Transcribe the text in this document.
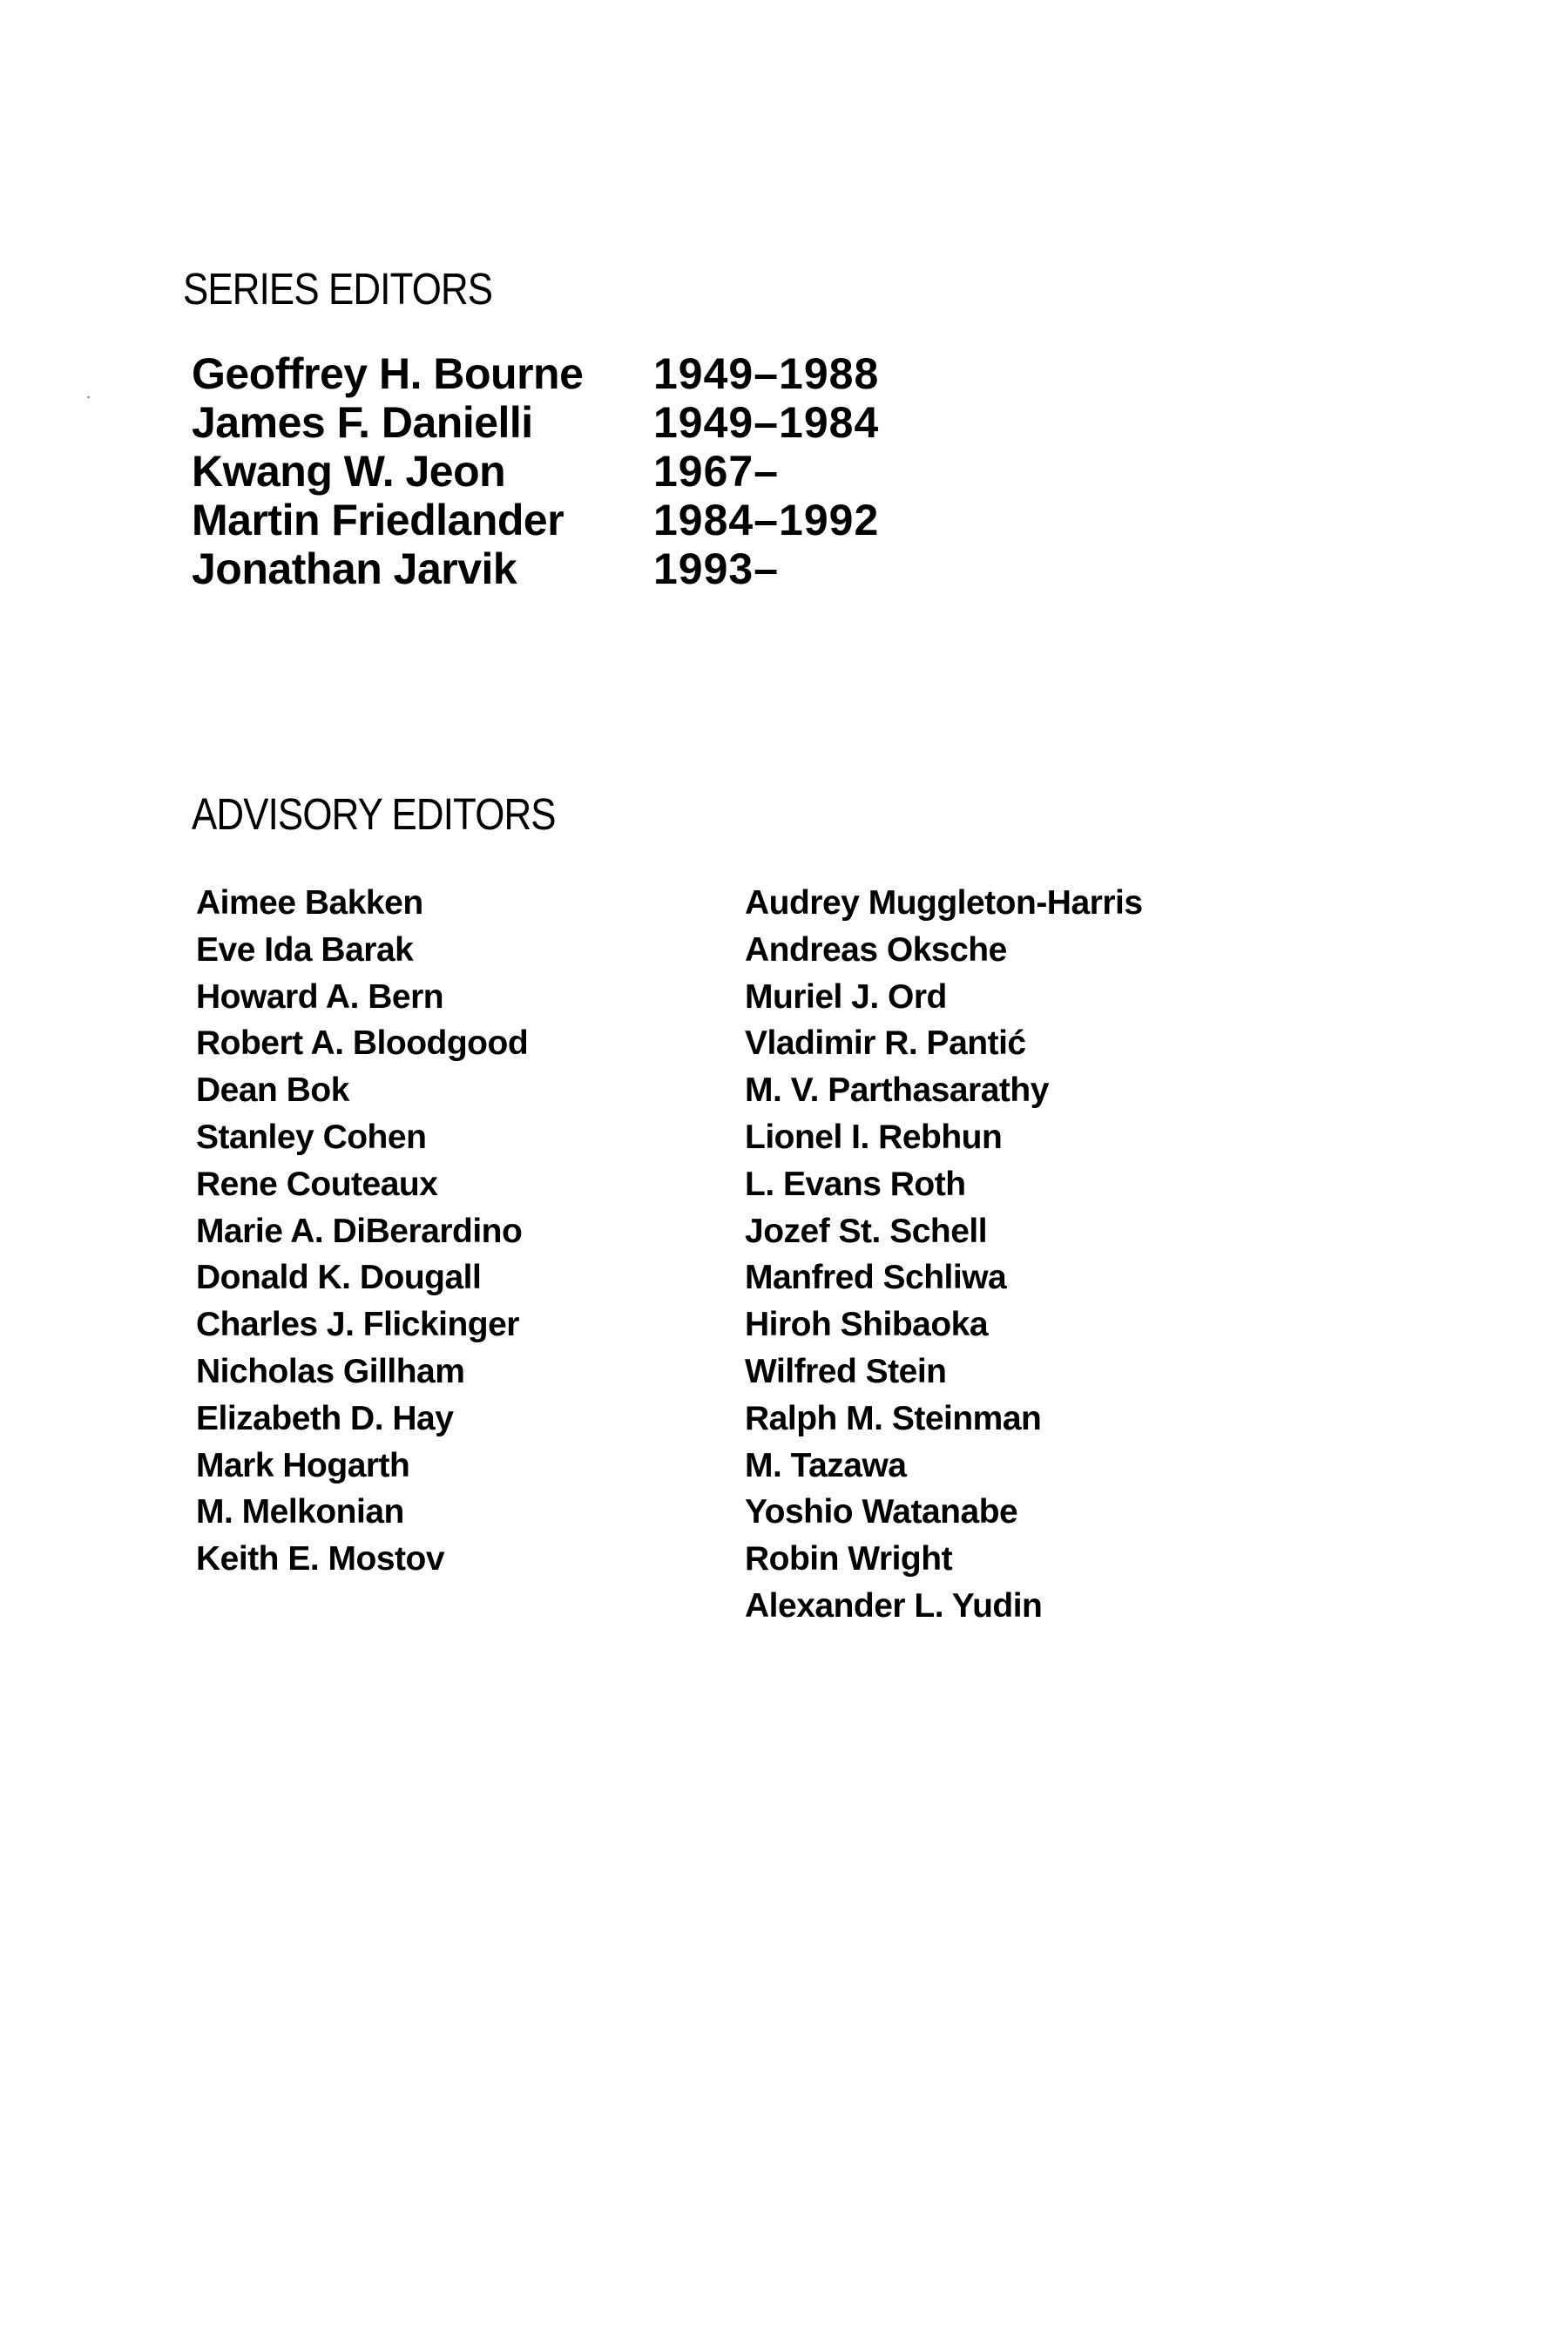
SERIES EDITORS
Geoffrey H. Bourne 1949–1988
James F. Danielli	1949–1984
Kwang W. Jeon	1967–
Martin Friedlander 1984–1992
Jonathan Jarvik	1993–
ADVISORY EDITORS
Aimee Bakken
Eve Ida Barak
Howard A. Bern
Robert A. Bloodgood
Dean Bok
Stanley Cohen
Rene Couteaux
Marie A. DiBerardino
Donald K. Dougall
Charles J. Flickinger
Nicholas Gillham
Elizabeth D. Hay
Mark Hogarth
M. Melkonian
Keith E. Mostov
Audrey Muggleton-Harris
Andreas Oksche
Muriel J. Ord
Vladimir R. Pantić
M. V. Parthasarathy
Lionel I. Rebhun
L. Evans Roth
Jozef St. Schell
Manfred Schliwa
Hiroh Shibaoka
Wilfred Stein
Ralph M. Steinman
M. Tazawa
Yoshio Watanabe
Robin Wright
Alexander L. Yudin
